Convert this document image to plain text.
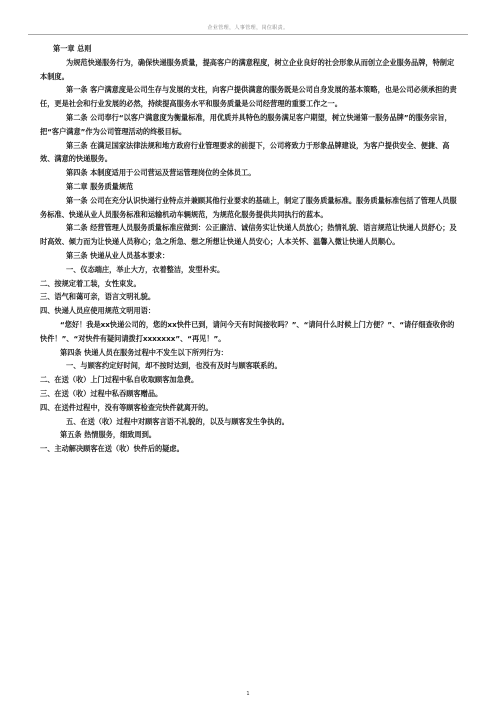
企业管理，人事管理，岗位职责。

第一章 总则

为规范快递服务行为，确保快递服务质量，提高客户的满意程度，树立企业良好的社会形象从而创立企业服务品牌，特制定本制度。

第一条 客户满意度是公司生存与发展的支柱，向客户提供满意的服务既是公司自身发展的基本策略，也是公司必须承担的责任，更是社会和行业发展的必然，持续提高服务水平和服务质量是公司经营理的重要工作之一。

第二条 公司奉行“以客户满意度为衡量标准，用优质并具特色的服务满足客户期望，树立快递第一服务品牌”的服务宗旨，把“客户满意”作为公司管理活动的终极目标。

第三条 在满足国家法律法规和地方政府行业管理要求的前提下，公司将致力于形象品牌建设，为客户提供安全、便捷、高效、满意的快递服务。

第四条 本制度适用于公司营运及营运管理岗位的全体员工。

第二章 服务质量规范

第一条 公司在充分认识快递行业特点并兼顾其他行业要求的基础上，制定了服务质量标准。服务质量标准包括了管理人员服务标准、快递从业人员服务标准和运输机动车辆规范，为规范化服务提供共同执行的蓝本。

第二条 经营管理人员服务质量标准应做到：公正廉洁、诚信务实让快递人员放心；热情礼貌、语言规范让快递人员舒心；及时高效、倾力而为让快递人员称心；急之所急、想之所想让快递人员安心；人本关怀、温馨入微让快递人员顺心。

第三条 快递从业人员基本要求：

一、仪态端庄，举止大方，衣着整洁，发型朴实。

二、按规定着工装，女性束发。

三、语气和蔼可亲，语言文明礼貌。

四、快递人员应使用规范文明用语：

“您好！我是xx快递公司的，您的xx快件已到，请问今天有时间接收吗？”、“请问什么时候上门方便？”、“请仔细查收你的快件！”、“对快件有疑问请拨打xxxxxxx”、“再见！”。

第四条 快递人员在服务过程中不发生以下所列行为：

一、与顾客约定好时间，却不按时达到，也没有及时与顾客联系的。

二、在送（收）上门过程中私自收取顾客加急费。

三、在送（收）过程中私吞顾客赠品。

四、在送件过程中，没有等顾客检查完快件就离开的。

五、在送（收）过程中对顾客言语不礼貌的，以及与顾客发生争执的。

第五条 热情服务，细致周到。

一、主动解决顾客在送（收）快件后的疑虑。

1
